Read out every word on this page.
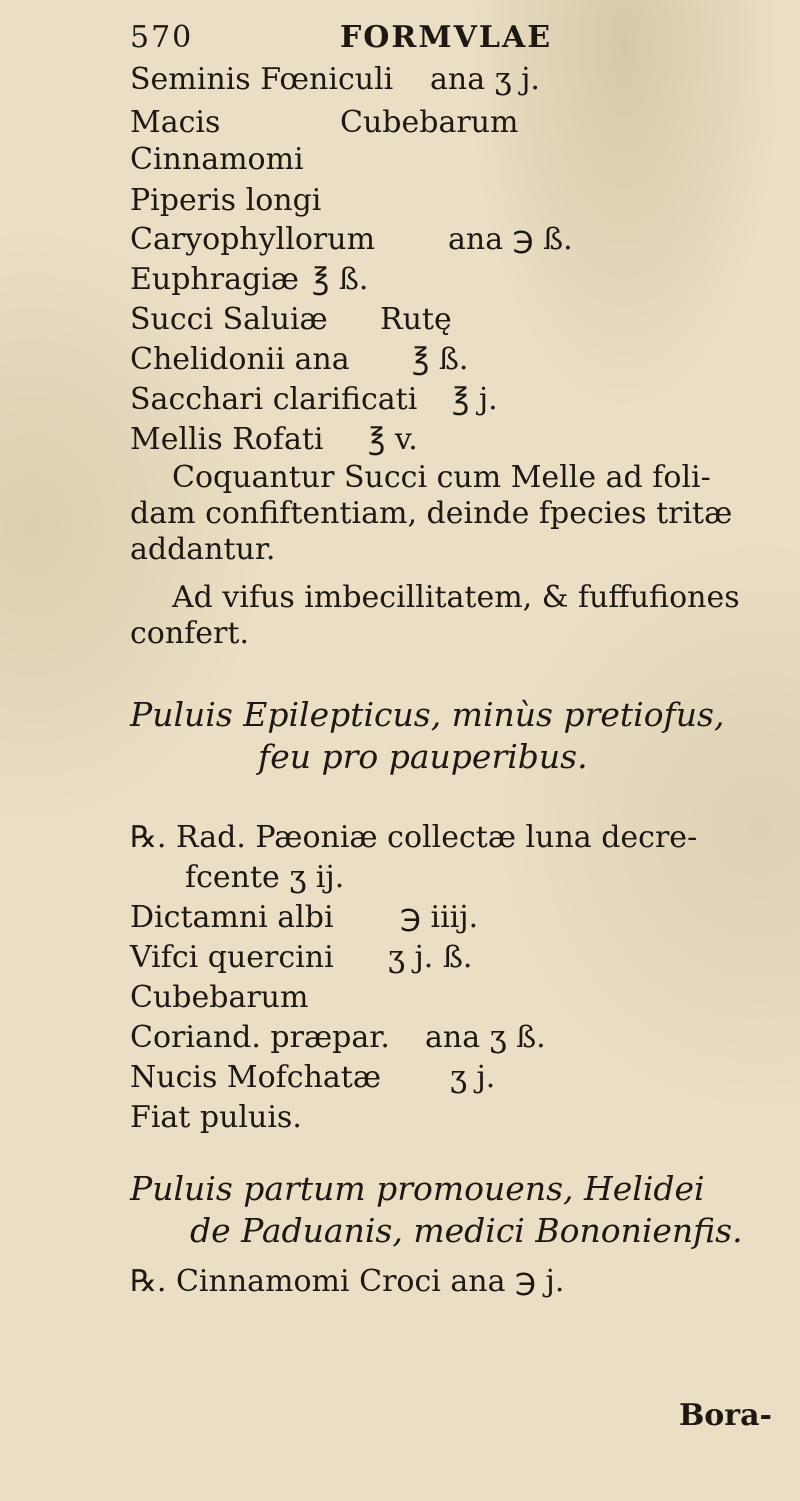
570	FORMVLAE
Seminis Fœniculi ana ʒ j.
Macis	Cubebarum
Cinnamomi
Piperis longi
Caryophyllorum ana ℈ ß.
Euphragiæ ℥ ß.
Succi Saluiæ Rutę
Chelidonii ana ℥ ß.
Sacchari clarificati ℥ j.
Mellis Rofati ℥ v.
Coquantur Succi cum Melle ad foli-dam confiftentiam, deinde fpecies tritæ addantur.
Ad vifus imbecillitatem, & fuffufiones confert.
Puluis Epilepticus, minùs pretiofus,
feu pro pauperibus.
℞. Rad. Pæoniæ collectæ luna decre-
fcente ʒ ij.
Dictamni albi ℈ iiij.
Vifci quercini ʒ j. ß.
Cubebarum
Coriand. præpar. ana ʒ ß.
Nucis Mofchatæ ʒ j.
Fiat puluis.
Puluis partum promouens, Helidei
de Paduanis, medici Bononienfis.
℞. Cinnamomi Croci ana ℈ j.
Bora-
